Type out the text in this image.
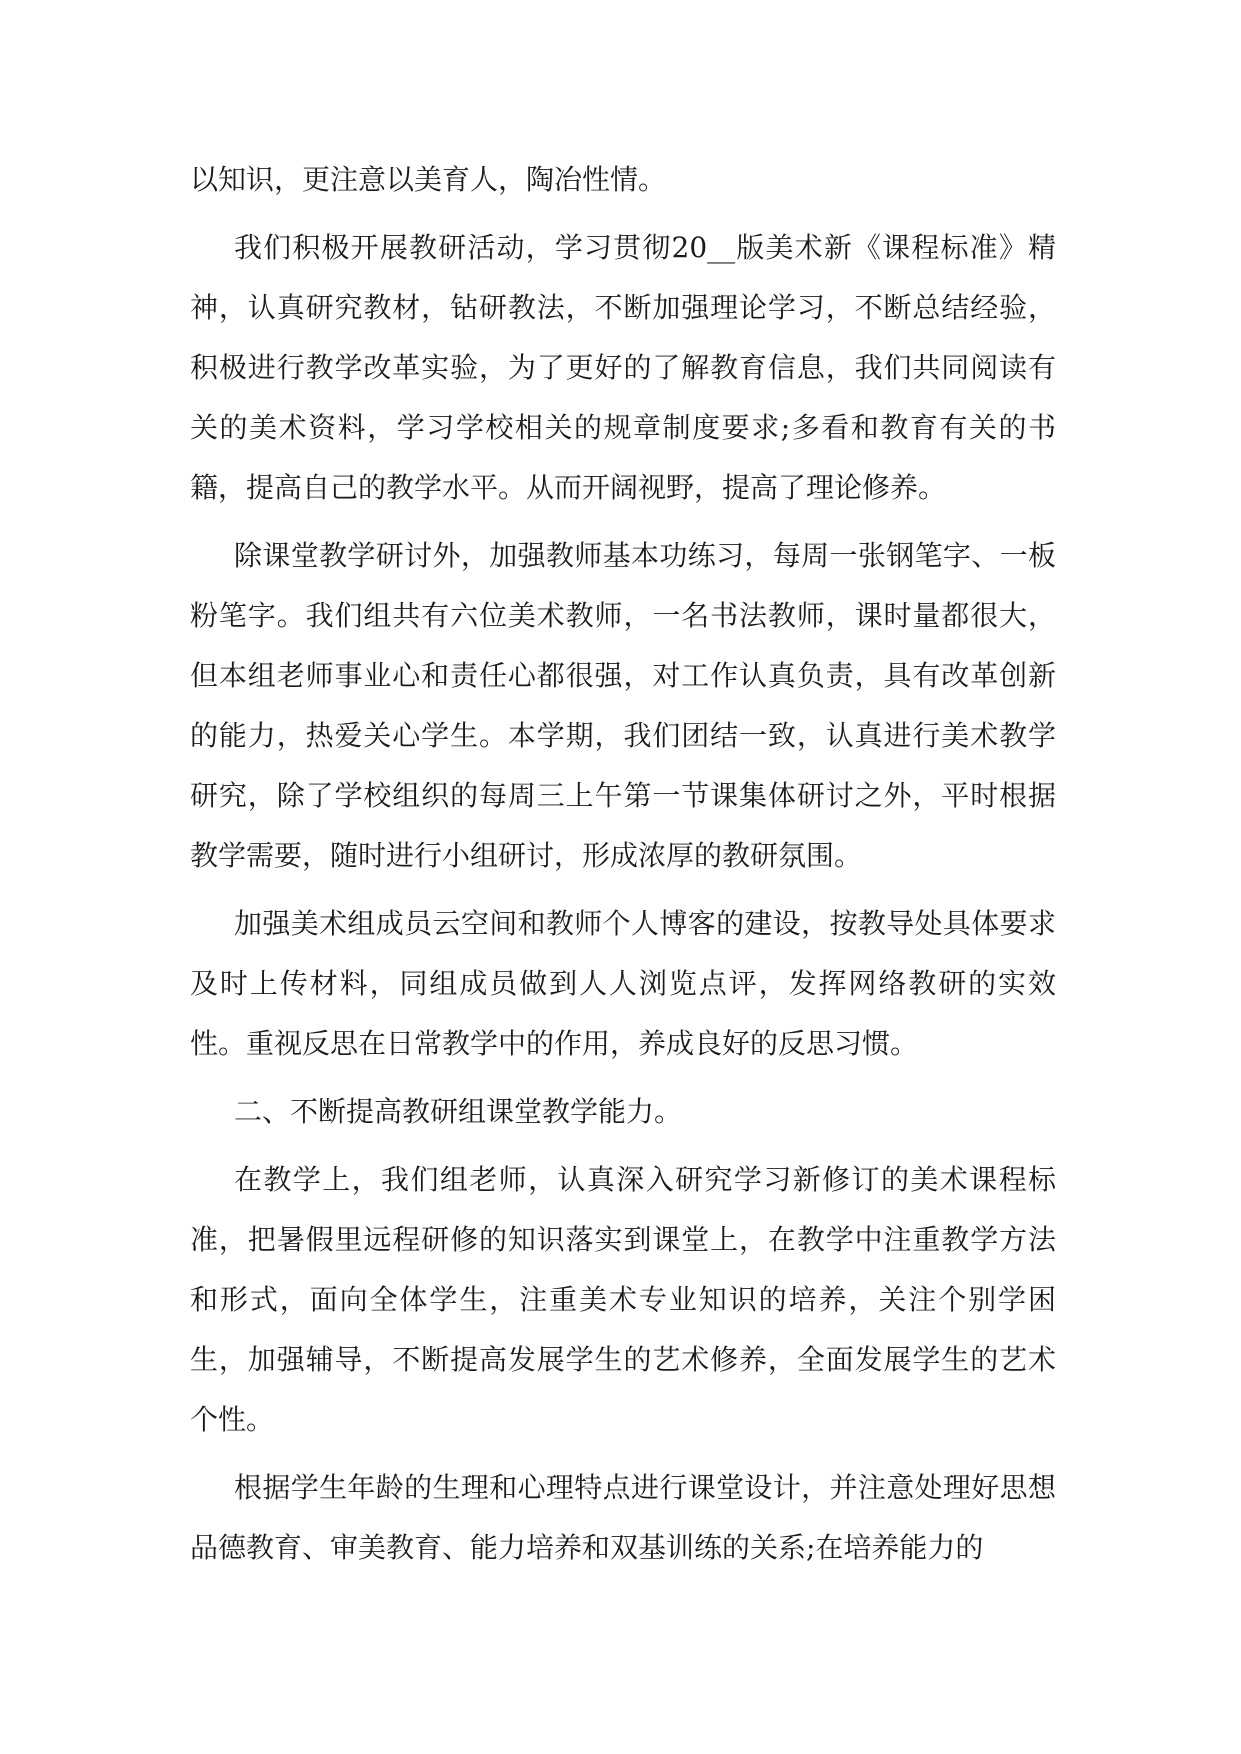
以知识，更注意以美育人，陶冶性情。

我们积极开展教研活动，学习贯彻20__版美术新《课程标准》精神，认真研究教材，钻研教法，不断加强理论学习，不断总结经验，积极进行教学改革实验，为了更好的了解教育信息，我们共同阅读有关的美术资料，学习学校相关的规章制度要求;多看和教育有关的书籍，提高自己的教学水平。从而开阔视野，提高了理论修养。

除课堂教学研讨外，加强教师基本功练习，每周一张钢笔字、一板粉笔字。我们组共有六位美术教师，一名书法教师，课时量都很大，但本组老师事业心和责任心都很强，对工作认真负责，具有改革创新的能力，热爱关心学生。本学期，我们团结一致，认真进行美术教学研究，除了学校组织的每周三上午第一节课集体研讨之外，平时根据教学需要，随时进行小组研讨，形成浓厚的教研氛围。

加强美术组成员云空间和教师个人博客的建设，按教导处具体要求及时上传材料，同组成员做到人人浏览点评，发挥网络教研的实效性。重视反思在日常教学中的作用，养成良好的反思习惯。

二、不断提高教研组课堂教学能力。

在教学上，我们组老师，认真深入研究学习新修订的美术课程标准，把暑假里远程研修的知识落实到课堂上，在教学中注重教学方法和形式，面向全体学生，注重美术专业知识的培养，关注个别学困生，加强辅导，不断提高发展学生的艺术修养，全面发展学生的艺术个性。

根据学生年龄的生理和心理特点进行课堂设计，并注意处理好思想品德教育、审美教育、能力培养和双基训练的关系;在培养能力的
